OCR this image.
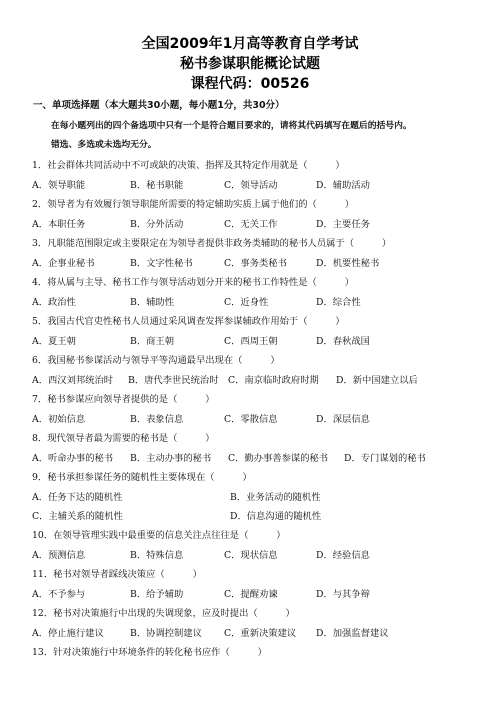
全国2009年1月高等教育自学考试
秘书参谋职能概论试题
课程代码：00526
一、单项选择题（本大题共30小题，每小题1分，共30分）
在每小题列出的四个备选项中只有一个是符合题目要求的，请将其代码填写在题后的括号内。
错选、多选或未选均无分。
1．社会群体共同活动中不可或缺的决策、指挥及其特定作用就是（　　　）
A．领导职能	B．秘书职能	C．领导活动	D．辅助活动
2．领导者为有效履行领导职能所需要的特定辅助实质上属于他们的（　　　）
A．本职任务	B．分外活动	C．无关工作	D．主要任务
3．凡职能范围限定或主要限定在为领导者提供非政务类辅助的秘书人员属于（　　　）
A．企事业秘书	B．文字性秘书	C．事务类秘书	D．机要性秘书
4．将从属与主导、秘书工作与领导活动划分开来的秘书工作特性是（　　　）
A．政治性	B．辅助性	C．近身性	D．综合性
5．我国古代官吏性秘书人员通过采风调查发挥参谋辅政作用始于（　　　）
A．夏王朝	B．商王朝	C．西周王朝	D．春秋战国
6．我国秘书参谋活动与领导平等沟通最早出现在（　　　）
A．西汉刘邦统治时 B．唐代李世民统治时 C．南京临时政府时期 D．新中国建立以后
7．秘书参谋应向领导者提供的是（　　　）
A．初始信息	B．表象信息	C．零散信息	D．深层信息
8．现代领导者最为需要的秘书是（　　　）
A．听命办事的秘书 B．主动办事的秘书 C．勤办事善参谋的秘书 D．专门谋划的秘书
9．秘书承担参谋任务的随机性主要体现在（　　　）
A．任务下达的随机性	B．业务活动的随机性
C．主辅关系的随机性	D．信息沟通的随机性
10．在领导管理实践中最重要的信息关注点往往是（　　　）
A．预测信息	B．特殊信息	C．现状信息	D．经验信息
11．秘书对领导者踩线决策应（　　　）
A．不予参与	B．给予辅助	C．提醒劝谏	D．与其争辩
12．秘书对决策施行中出现的失调现象，应及时提出（　　　）
A．停止施行建议	B．协调控制建议 C．重新决策建议 D．加强监督建议
13．针对决策施行中环境条件的转化秘书应作（　　　）
